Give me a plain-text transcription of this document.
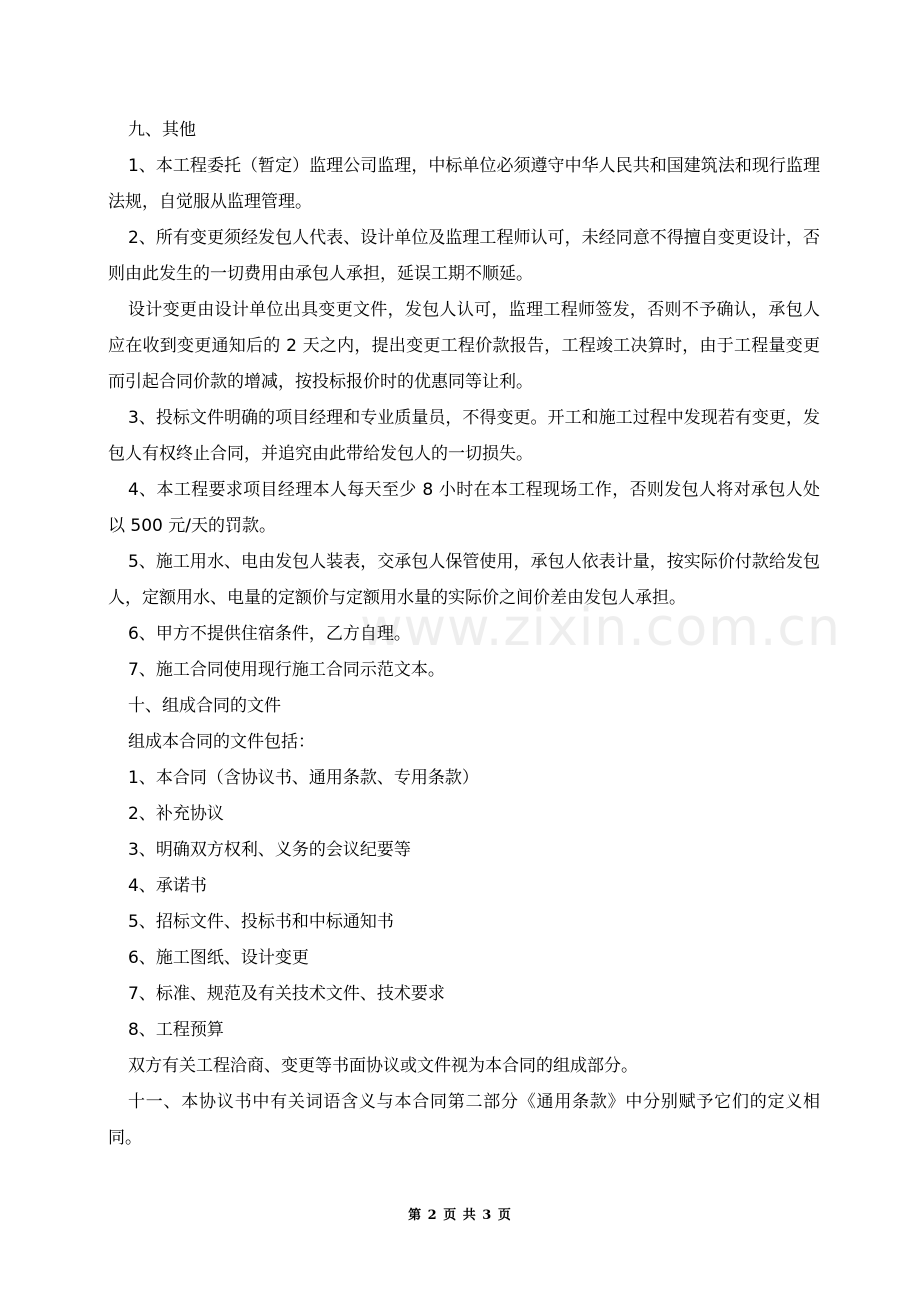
www.zixin.com.cn

九、其他

1、本工程委托（暂定）监理公司监理，中标单位必须遵守中华人民共和国建筑法和现行监理法规，自觉服从监理管理。

2、所有变更须经发包人代表、设计单位及监理工程师认可，未经同意不得擅自变更设计，否则由此发生的一切费用由承包人承担，延误工期不顺延。

设计变更由设计单位出具变更文件，发包人认可，监理工程师签发，否则不予确认，承包人应在收到变更通知后的 2 天之内，提出变更工程价款报告，工程竣工决算时，由于工程量变更而引起合同价款的增减，按投标报价时的优惠同等让利。

3、投标文件明确的项目经理和专业质量员，不得变更。开工和施工过程中发现若有变更，发包人有权终止合同，并追究由此带给发包人的一切损失。

4、本工程要求项目经理本人每天至少 8 小时在本工程现场工作，否则发包人将对承包人处以 500 元/天的罚款。

5、施工用水、电由发包人装表，交承包人保管使用，承包人依表计量，按实际价付款给发包人，定额用水、电量的定额价与定额用水量的实际价之间价差由发包人承担。

6、甲方不提供住宿条件，乙方自理。

7、施工合同使用现行施工合同示范文本。

十、组成合同的文件

组成本合同的文件包括：

1、本合同（含协议书、通用条款、专用条款）

2、补充协议

3、明确双方权利、义务的会议纪要等

4、承诺书

5、招标文件、投标书和中标通知书

6、施工图纸、设计变更

7、标准、规范及有关技术文件、技术要求

8、工程预算

双方有关工程洽商、变更等书面协议或文件视为本合同的组成部分。

十一、本协议书中有关词语含义与本合同第二部分《通用条款》中分别赋予它们的定义相同。

第 2 页 共 3 页
